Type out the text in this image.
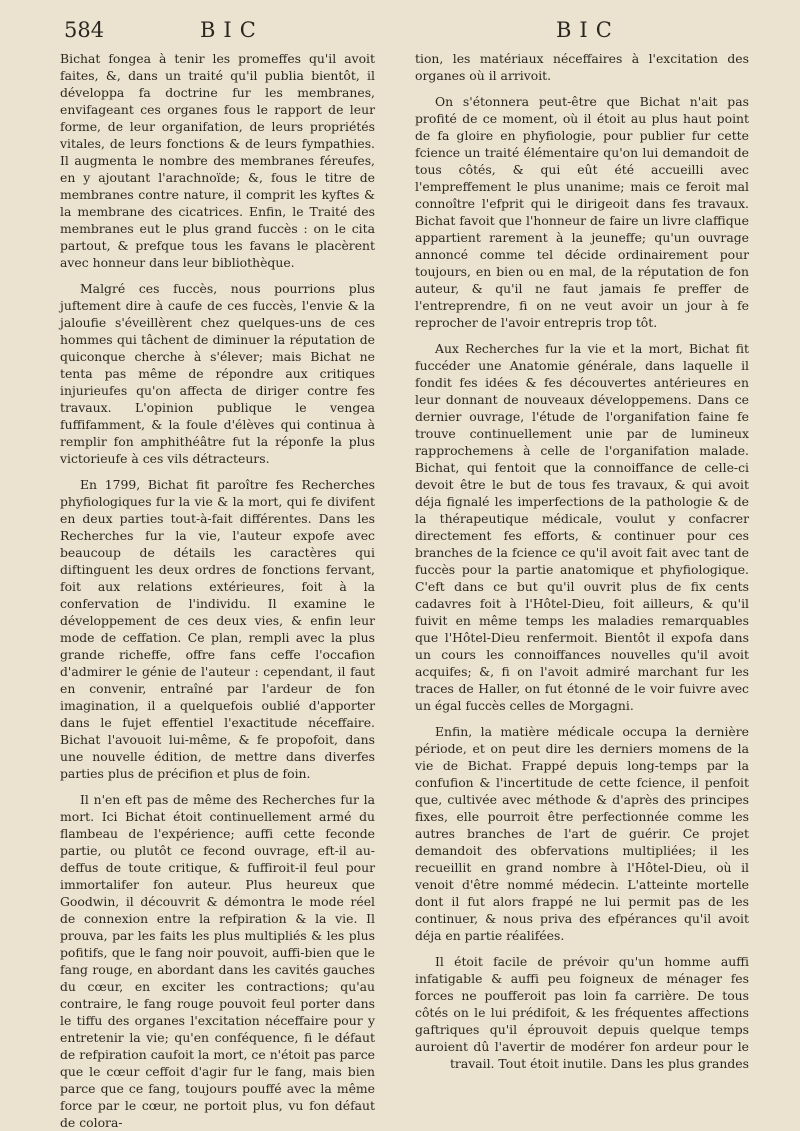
584	BIC	BIC

Bichat fongea à tenir les promeffes qu'il avoit faites, &, dans un traité qu'il publia bientôt, il développa fa doctrine fur les membranes, envifageant ces organes fous le rapport de leur forme, de leur organifation, de leurs propriétés vitales, de leurs fonctions & de leurs fympathies. Il augmenta le nombre des membranes féreufes, en y ajoutant l'arachnoïde; &, fous le titre de membranes contre nature, il comprit les kyftes & la membrane des cicatrices. Enfin, le Traité des membranes eut le plus grand fuccès : on le cita partout, & prefque tous les favans le placèrent avec honneur dans leur bibliothèque.

Malgré ces fuccès, nous pourrions plus juftement dire à caufe de ces fuccès, l'envie & la jaloufie s'éveillèrent chez quelques-uns de ces hommes qui tâchent de diminuer la réputation de quiconque cherche à s'élever; mais Bichat ne tenta pas même de répondre aux critiques injurieufes qu'on affecta de diriger contre fes travaux. L'opinion publique le vengea fuffifamment, & la foule d'élèves qui continua à remplir fon amphithéâtre fut la réponfe la plus victorieufe à ces vils détracteurs.

En 1799, Bichat fit paroître fes Recherches phyfiologiques fur la vie & la mort, qui fe divifent en deux parties tout-à-fait différentes. Dans les Recherches fur la vie, l'auteur expofe avec beaucoup de détails les caractères qui diftinguent les deux ordres de fonctions fervant, foit aux relations extérieures, foit à la confervation de l'individu. Il examine le développement de ces deux vies, & enfin leur mode de ceffation. Ce plan, rempli avec la plus grande richeffe, offre fans ceffe l'occafion d'admirer le génie de l'auteur : cependant, il faut en convenir, entraîné par l'ardeur de fon imagination, il a quelquefois oublié d'apporter dans le fujet effentiel l'exactitude néceffaire. Bichat l'avouoit lui-même, & fe propofoit, dans une nouvelle édition, de mettre dans diverfes parties plus de précifion et plus de foin.

Il n'en eft pas de même des Recherches fur la mort. Ici Bichat étoit continuellement armé du flambeau de l'expérience; auffi cette feconde partie, ou plutôt ce fecond ouvrage, eft-il au-deffus de toute critique, & fuffiroit-il feul pour immortalifer fon auteur. Plus heureux que Goodwin, il découvrit & démontra le mode réel de connexion entre la refpiration & la vie. Il prouva, par les faits les plus multipliés & les plus pofitifs, que le fang noir pouvoit, auffi-bien que le fang rouge, en abordant dans les cavités gauches du cœur, en exciter les contractions; qu'au contraire, le fang rouge pouvoit feul porter dans le tiffu des organes l'excitation néceffaire pour y entretenir la vie; qu'en conféquence, fi le défaut de refpiration caufoit la mort, ce n'étoit pas parce que le cœur ceffoit d'agir fur le fang, mais bien parce que ce fang, toujours pouffé avec la même force par le cœur, ne portoit plus, vu fon défaut de colora-

tion, les matériaux néceffaires à l'excitation des organes où il arrivoit.

On s'étonnera peut-être que Bichat n'ait pas profité de ce moment, où il étoit au plus haut point de fa gloire en phyfiologie, pour publier fur cette fcience un traité élémentaire qu'on lui demandoit de tous côtés, & qui eût été accueilli avec l'empreffement le plus unanime; mais ce feroit mal connoître l'efprit qui le dirigeoit dans fes travaux. Bichat favoit que l'honneur de faire un livre claffique appartient rarement à la jeuneffe; qu'un ouvrage annoncé comme tel décide ordinairement pour toujours, en bien ou en mal, de la réputation de fon auteur, & qu'il ne faut jamais fe preffer de l'entreprendre, fi on ne veut avoir un jour à fe reprocher de l'avoir entrepris trop tôt.

Aux Recherches fur la vie et la mort, Bichat fit fuccéder une Anatomie générale, dans laquelle il fondit fes idées & fes découvertes antérieures en leur donnant de nouveaux développemens. Dans ce dernier ouvrage, l'étude de l'organifation faine fe trouve continuellement unie par de lumineux rapprochemens à celle de l'organifation malade. Bichat, qui fentoit que la connoiffance de celle-ci devoit être le but de tous fes travaux, & qui avoit déja fignalé les imperfections de la pathologie & de la thérapeutique médicale, voulut y confacrer directement fes efforts, & continuer pour ces branches de la fcience ce qu'il avoit fait avec tant de fuccès pour la partie anatomique et phyfiologique. C'eft dans ce but qu'il ouvrit plus de fix cents cadavres foit à l'Hôtel-Dieu, foit ailleurs, & qu'il fuivit en même temps les maladies remarquables que l'Hôtel-Dieu renfermoit. Bientôt il expofa dans un cours les connoiffances nouvelles qu'il avoit acquifes; &, fi on l'avoit admiré marchant fur les traces de Haller, on fut étonné de le voir fuivre avec un égal fuccès celles de Morgagni.

Enfin, la matière médicale occupa la dernière période, et on peut dire les derniers momens de la vie de Bichat. Frappé depuis long-temps par la confufion & l'incertitude de cette fcience, il penfoit que, cultivée avec méthode & d'après des principes fixes, elle pourroit être perfectionnée comme les autres branches de l'art de guérir. Ce projet demandoit des obfervations multipliées; il les recueillit en grand nombre à l'Hôtel-Dieu, où il venoit d'être nommé médecin. L'atteinte mortelle dont il fut alors frappé ne lui permit pas de les continuer, & nous priva des efpérances qu'il avoit déja en partie réalifées.

Il étoit facile de prévoir qu'un homme auffi infatigable & auffi peu foigneux de ménager fes forces ne poufferoit pas loin fa carrière. De tous côtés on le lui prédifoit, & les fréquentes affections gaftriques qu'il éprouvoit depuis quelque temps auroient dû l'avertir de modérer fon ardeur pour le travail. Tout étoit inutile. Dans les plus grandes
